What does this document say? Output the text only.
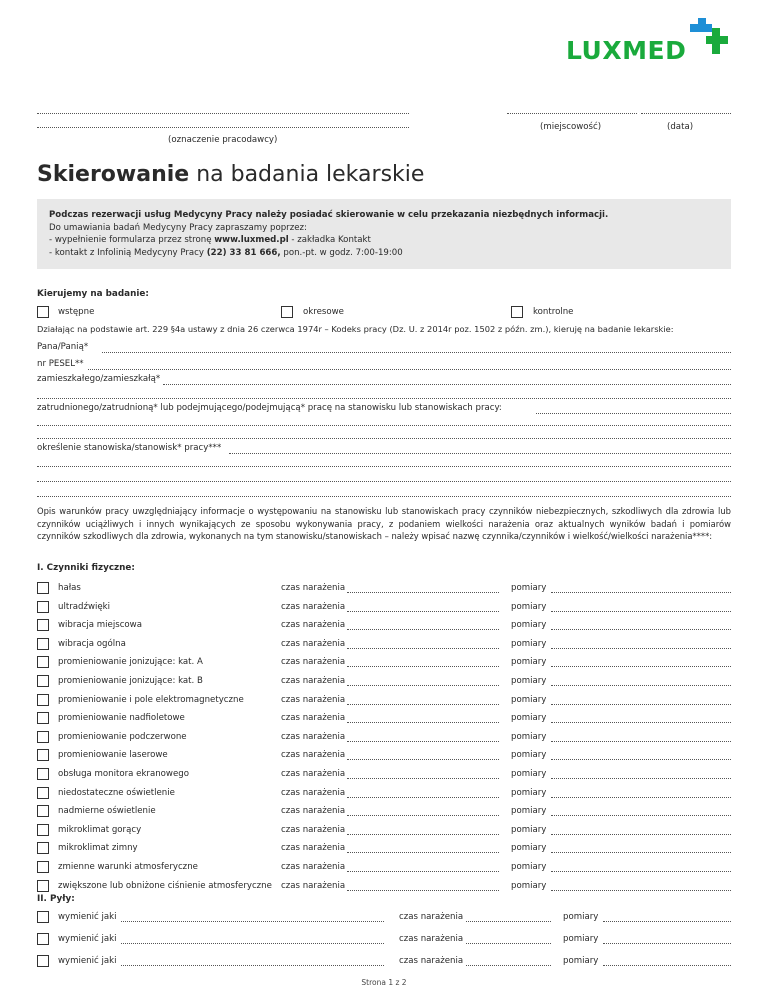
LUXMED
(oznaczenie pracodawcy)
(miejscowość)	(data)
Skierowanie na badania lekarskie
Podczas rezerwacji usług Medycyny Pracy należy posiadać skierowanie w celu przekazania niezbędnych informacji.
Do umawiania badań Medycyny Pracy zapraszamy poprzez:
- wypełnienie formularza przez stronę www.luxmed.pl - zakładka Kontakt
- kontakt z Infolinią Medycyny Pracy (22) 33 81 666, pon.-pt. w godz. 7:00-19:00
Kierujemy na badanie:
wstępne	okresowe	kontrolne
Działając na podstawie art. 229 §4a ustawy z dnia 26 czerwca 1974r – Kodeks pracy (Dz. U. z 2014r poz. 1502 z późn. zm.), kieruję na badanie lekarskie:
Pana/Panią*
nr PESEL**
zamieszkałego/zamieszkałą*
zatrudnionego/zatrudnioną* lub podejmującego/podejmującą* pracę na stanowisku lub stanowiskach pracy:
określenie stanowiska/stanowisk* pracy***
Opis warunków pracy uwzględniający informacje o występowaniu na stanowisku lub stanowiskach pracy czynników niebezpiecznych, szkodliwych dla zdrowia lub czynników uciążliwych i innych wynikających ze sposobu wykonywania pracy, z podaniem wielkości narażenia oraz aktualnych wyników badań i pomiarów czynników szkodliwych dla zdrowia, wykonanych na tym stanowisku/stanowiskach – należy wpisać nazwę czynnika/czynników i wielkość/wielkości narażenia****:
I. Czynniki fizyczne:
hałas	czas narażenia	pomiary
ultradźwięki	czas narażenia	pomiary
wibracja miejscowa	czas narażenia	pomiary
wibracja ogólna	czas narażenia	pomiary
promieniowanie jonizujące: kat. A	czas narażenia	pomiary
promieniowanie jonizujące: kat. B	czas narażenia	pomiary
promieniowanie i pole elektromagnetyczne	czas narażenia	pomiary
promieniowanie nadfioletowe	czas narażenia	pomiary
promieniowanie podczerwone	czas narażenia	pomiary
promieniowanie laserowe	czas narażenia	pomiary
obsługa monitora ekranowego	czas narażenia	pomiary
niedostateczne oświetlenie	czas narażenia	pomiary
nadmierne oświetlenie	czas narażenia	pomiary
mikroklimat gorący	czas narażenia	pomiary
mikroklimat zimny	czas narażenia	pomiary
zmienne warunki atmosferyczne	czas narażenia	pomiary
zwiększone lub obniżone ciśnienie atmosferyczne czas narażenia	pomiary
II. Pyły:
wymienić jaki	czas narażenia	pomiary
wymienić jaki	czas narażenia	pomiary
wymienić jaki	czas narażenia	pomiary
Strona 1 z 2
